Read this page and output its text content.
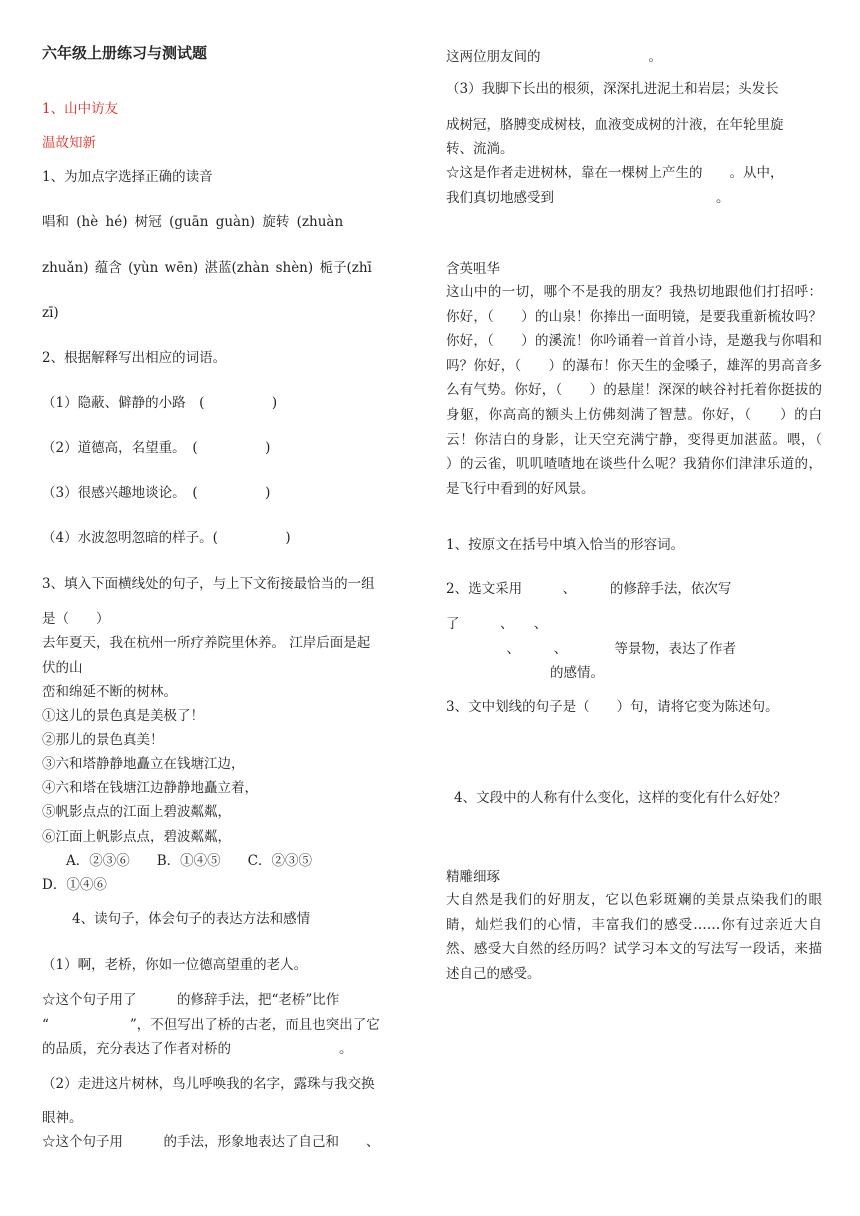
六年级上册练习与测试题
1、山中访友
温故知新
1、为加点字选择正确的读音
唱和 (hè hé) 树冠 (guān guàn) 旋转 (zhuàn
zhuǎn) 蕴含 (yùn wēn) 湛蓝(zhàn shèn) 栀子(zhī
zī)
2、根据解释写出相应的词语。
（1）隐蔽、僻静的小路　(　　　　　)
（2）道德高，名望重。　(　　　　　)
（3）很感兴趣地谈论。　(　　　　　)
（4）水波忽明忽暗的样子。(　　　　　)
3、填入下面横线处的句子，与上下文衔接最恰当的一组
是（　　）
去年夏天，我在杭州一所疗养院里休养。 江岸后面是起
伏的山
峦和绵延不断的树林。
①这儿的景色真是美极了！
②那儿的景色真美！
③六和塔静静地矗立在钱塘江边，
④六和塔在钱塘江边静静地矗立着，
⑤帆影点点的江面上碧波粼粼，
⑥江面上帆影点点，碧波粼粼，
A．②③⑥　　B．①④⑤　　C．②③⑤
D．①④⑥
4、读句子，体会句子的表达方法和感情
（1）啊，老桥，你如一位德高望重的老人。
☆这个句子用了　　　的修辞手法，把“老桥”比作
“　　　　　　”，不但写出了桥的古老，而且也突出了它
的品质，充分表达了作者对桥的　　　　　　　　。
（2）走进这片树林，鸟儿呼唤我的名字，露珠与我交换
眼神。
☆这个句子用　　　的手法，形象地表达了自己和　　、
这两位朋友间的　　　　　　　　。
（3）我脚下长出的根须，深深扎进泥土和岩层；头发长
成树冠，胳膊变成树枝，血液变成树的汁液，在年轮里旋
转、流淌。
☆这是作者走进树林，靠在一棵树上产生的　　。从中，
我们真切地感受到　　　　　　　　　　　　。
含英咀华
这山中的一切，哪个不是我的朋友？我热切地跟他们打招呼：你好，（　　）的山泉！你捧出一面明镜，是要我重新梳妆吗？你好，（　　）的溪流！你吟诵着一首首小诗，是邀我与你唱和吗？你好，（　　）的瀑布！你天生的金嗓子，雄浑的男高音多么有气势。你好，（　　）的悬崖！深深的峡谷衬托着你挺拔的身躯，你高高的额头上仿佛刻满了智慧。你好，（　　）的白云！你洁白的身影，让天空充满宁静，变得更加湛蓝。喂，（　　）的云雀，叽叽喳喳地在谈些什么呢？我猜你们津津乐道的，是飞行中看到的好风景。
1、按原文在括号中填入恰当的形容词。
2、选文采用　　　、　　　的修辞手法，依次写
了　　　、　　、
　　　、　　　、　　　　等景物，表达了作者
　　　　的感情。
3、文中划线的句子是（　　）句，请将它变为陈述句。
4、文段中的人称有什么变化，这样的变化有什么好处？
精雕细琢
大自然是我们的好朋友，它以色彩斑斓的美景点染我们的眼睛，灿烂我们的心情，丰富我们的感受……你有过亲近大自然、感受大自然的经历吗？试学习本文的写法写一段话，来描述自己的感受。
